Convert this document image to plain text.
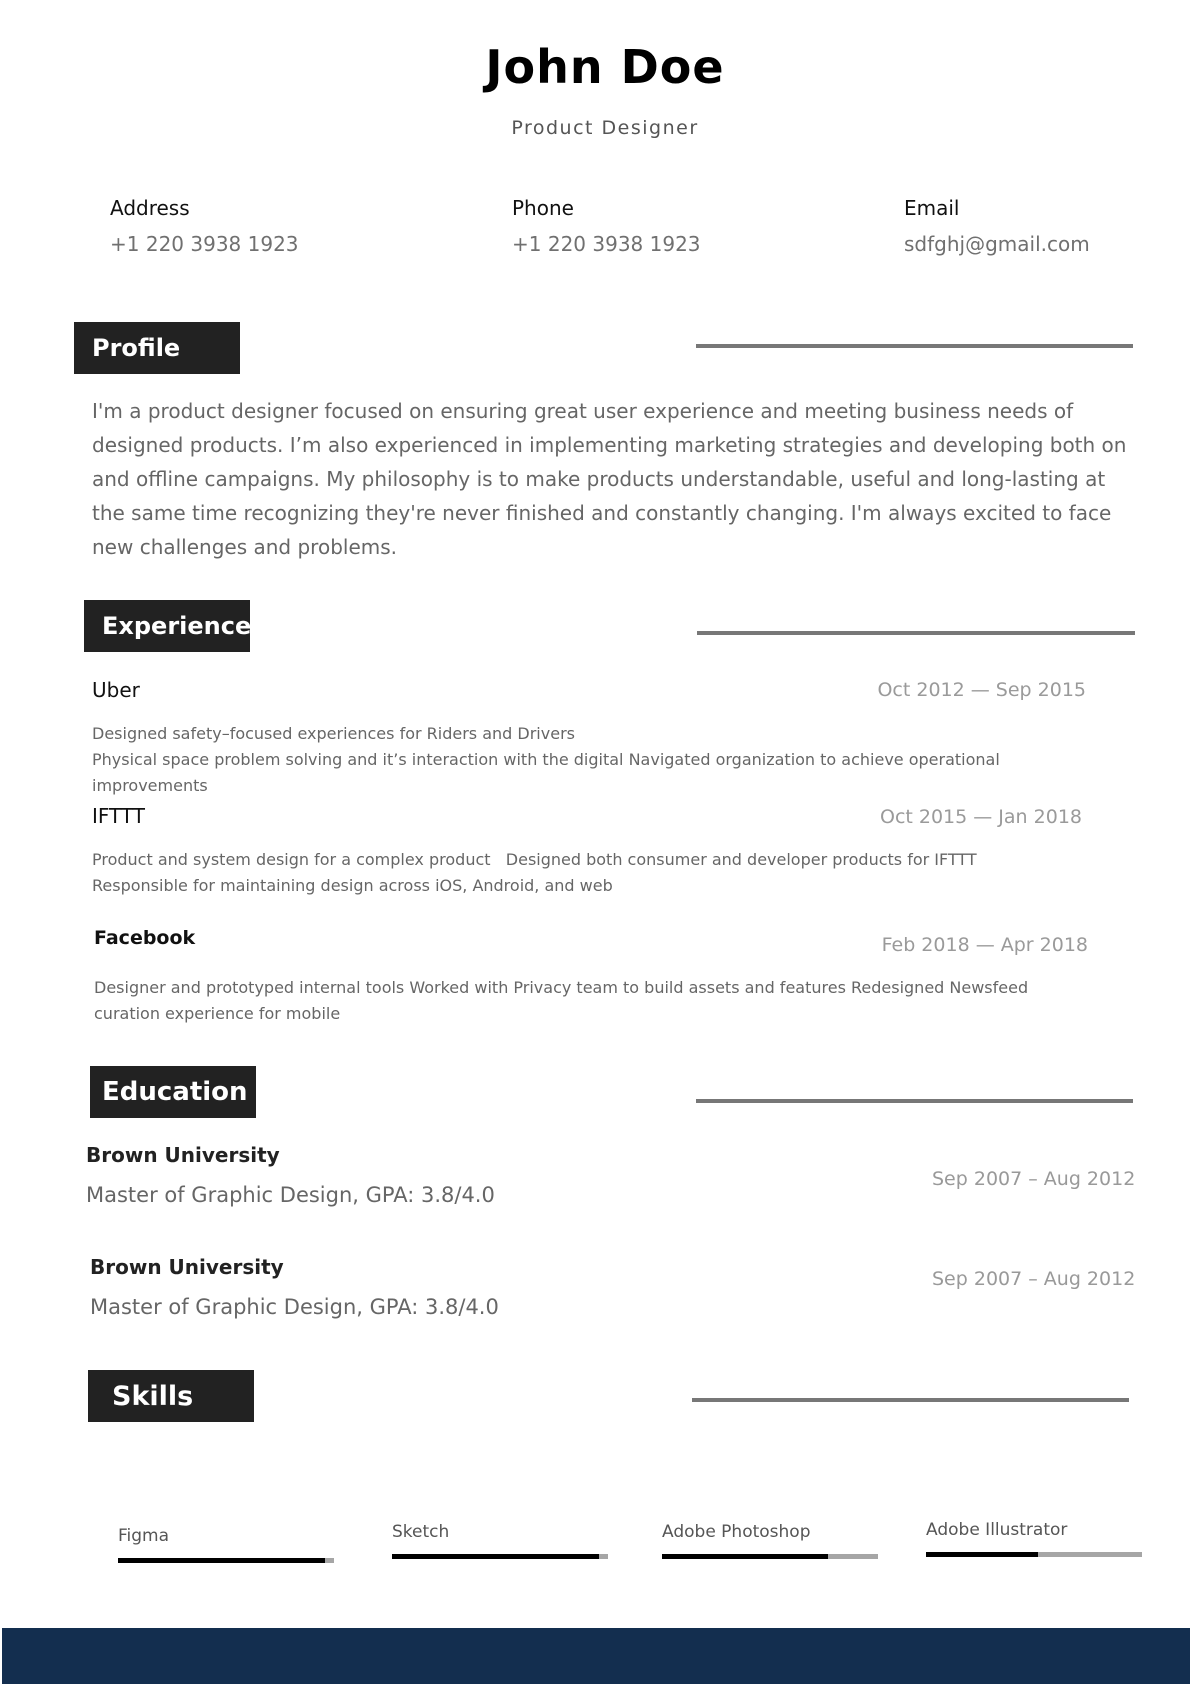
John Doe
Product Designer
Address
+1 220 3938 1923
Phone
+1 220 3938 1923
Email
sdfghj@gmail.com
Profile
I'm a product designer focused on ensuring great user experience and meeting business needs of designed products. I’m also experienced in implementing marketing strategies and developing both on and offline campaigns. My philosophy is to make products understandable, useful and long-lasting at the same time recognizing they're never finished and constantly changing. I'm always excited to face new challenges and problems.
Experience
Uber	Oct 2012 — Sep 2015
Designed safety–focused experiences for Riders and Drivers
Physical space problem solving and it’s interaction with the digital Navigated organization to achieve operational improvements
IFTTT	Oct 2015 — Jan 2018
Product and system design for a complex product   Designed both consumer and developer products for IFTTT
Responsible for maintaining design across iOS, Android, and web
Facebook	Feb 2018 — Apr 2018
Designer and prototyped internal tools Worked with Privacy team to build assets and features Redesigned Newsfeed curation experience for mobile
Education
Brown University
Master of Graphic Design, GPA: 3.8/4.0
Sep 2007 – Aug 2012
Brown University
Master of Graphic Design, GPA: 3.8/4.0
Sep 2007 – Aug 2012
Skills
Figma	Sketch	Adobe Photoshop	Adobe Illustrator
